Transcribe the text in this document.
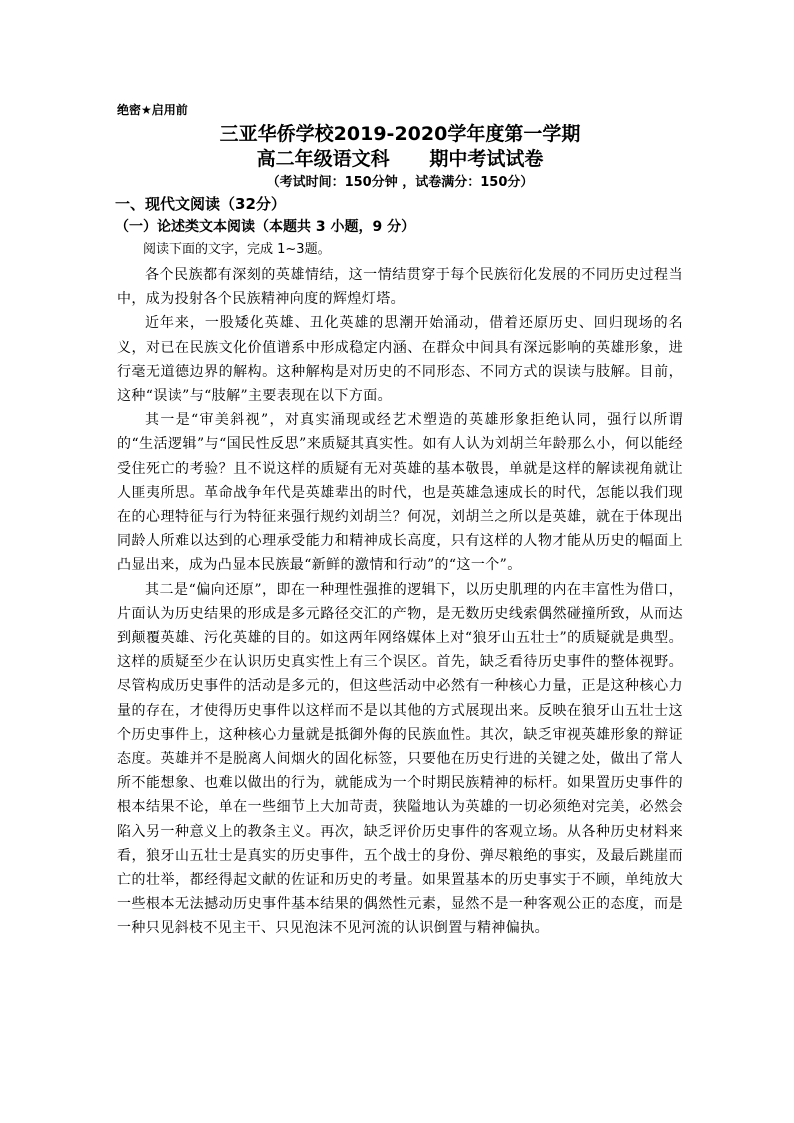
绝密★启用前

三亚华侨学校2019-2020学年度第一学期

高二年级语文科      期中考试试卷

（考试时间：150分钟 ，试卷满分：150分）

一、现代文阅读（32分）

（一）论述类文本阅读（本题共 3 小题，9 分）

阅读下面的文字，完成 1~3题。

各个民族都有深刻的英雄情结，这一情结贯穿于每个民族衍化发展的不同历史过程当中，成为投射各个民族精神向度的辉煌灯塔。

近年来，一股矮化英雄、丑化英雄的思潮开始涌动，借着还原历史、回归现场的名义，对已在民族文化价值谱系中形成稳定内涵、在群众中间具有深远影响的英雄形象，进行毫无道德边界的解构。这种解构是对历史的不同形态、不同方式的误读与肢解。目前，这种“误读”与“肢解”主要表现在以下方面。

其一是“审美斜视”，对真实涌现或经艺术塑造的英雄形象拒绝认同，强行以所谓的“生活逻辑”与“国民性反思”来质疑其真实性。如有人认为刘胡兰年龄那么小，何以能经受住死亡的考验？且不说这样的质疑有无对英雄的基本敬畏，单就是这样的解读视角就让人匪夷所思。革命战争年代是英雄辈出的时代，也是英雄急速成长的时代，怎能以我们现在的心理特征与行为特征来强行规约刘胡兰？何况，刘胡兰之所以是英雄，就在于体现出同龄人所难以达到的心理承受能力和精神成长高度，只有这样的人物才能从历史的幅面上凸显出来，成为凸显本民族最“新鲜的激情和行动”的“这一个”。

其二是“偏向还原”，即在一种理性强推的逻辑下，以历史肌理的内在丰富性为借口，片面认为历史结果的形成是多元路径交汇的产物，是无数历史线索偶然碰撞所致，从而达到颠覆英雄、污化英雄的目的。如这两年网络媒体上对“狼牙山五壮士”的质疑就是典型。这样的质疑至少在认识历史真实性上有三个误区。首先，缺乏看待历史事件的整体视野。尽管构成历史事件的活动是多元的，但这些活动中必然有一种核心力量，正是这种核心力量的存在，才使得历史事件以这样而不是以其他的方式展现出来。反映在狼牙山五壮士这个历史事件上，这种核心力量就是抵御外侮的民族血性。其次，缺乏审视英雄形象的辩证态度。英雄并不是脱离人间烟火的固化标签，只要他在历史行进的关键之处，做出了常人所不能想象、也难以做出的行为，就能成为一个时期民族精神的标杆。如果置历史事件的根本结果不论，单在一些细节上大加苛责，狭隘地认为英雄的一切必须绝对完美，必然会陷入另一种意义上的教条主义。再次，缺乏评价历史事件的客观立场。从各种历史材料来看，狼牙山五壮士是真实的历史事件，五个战士的身份、弹尽粮绝的事实，及最后跳崖而亡的壮举，都经得起文献的佐证和历史的考量。如果置基本的历史事实于不顾，单纯放大一些根本无法撼动历史事件基本结果的偶然性元素，显然不是一种客观公正的态度，而是一种只见斜枝不见主干、只见泡沫不见河流的认识倒置与精神偏执。
